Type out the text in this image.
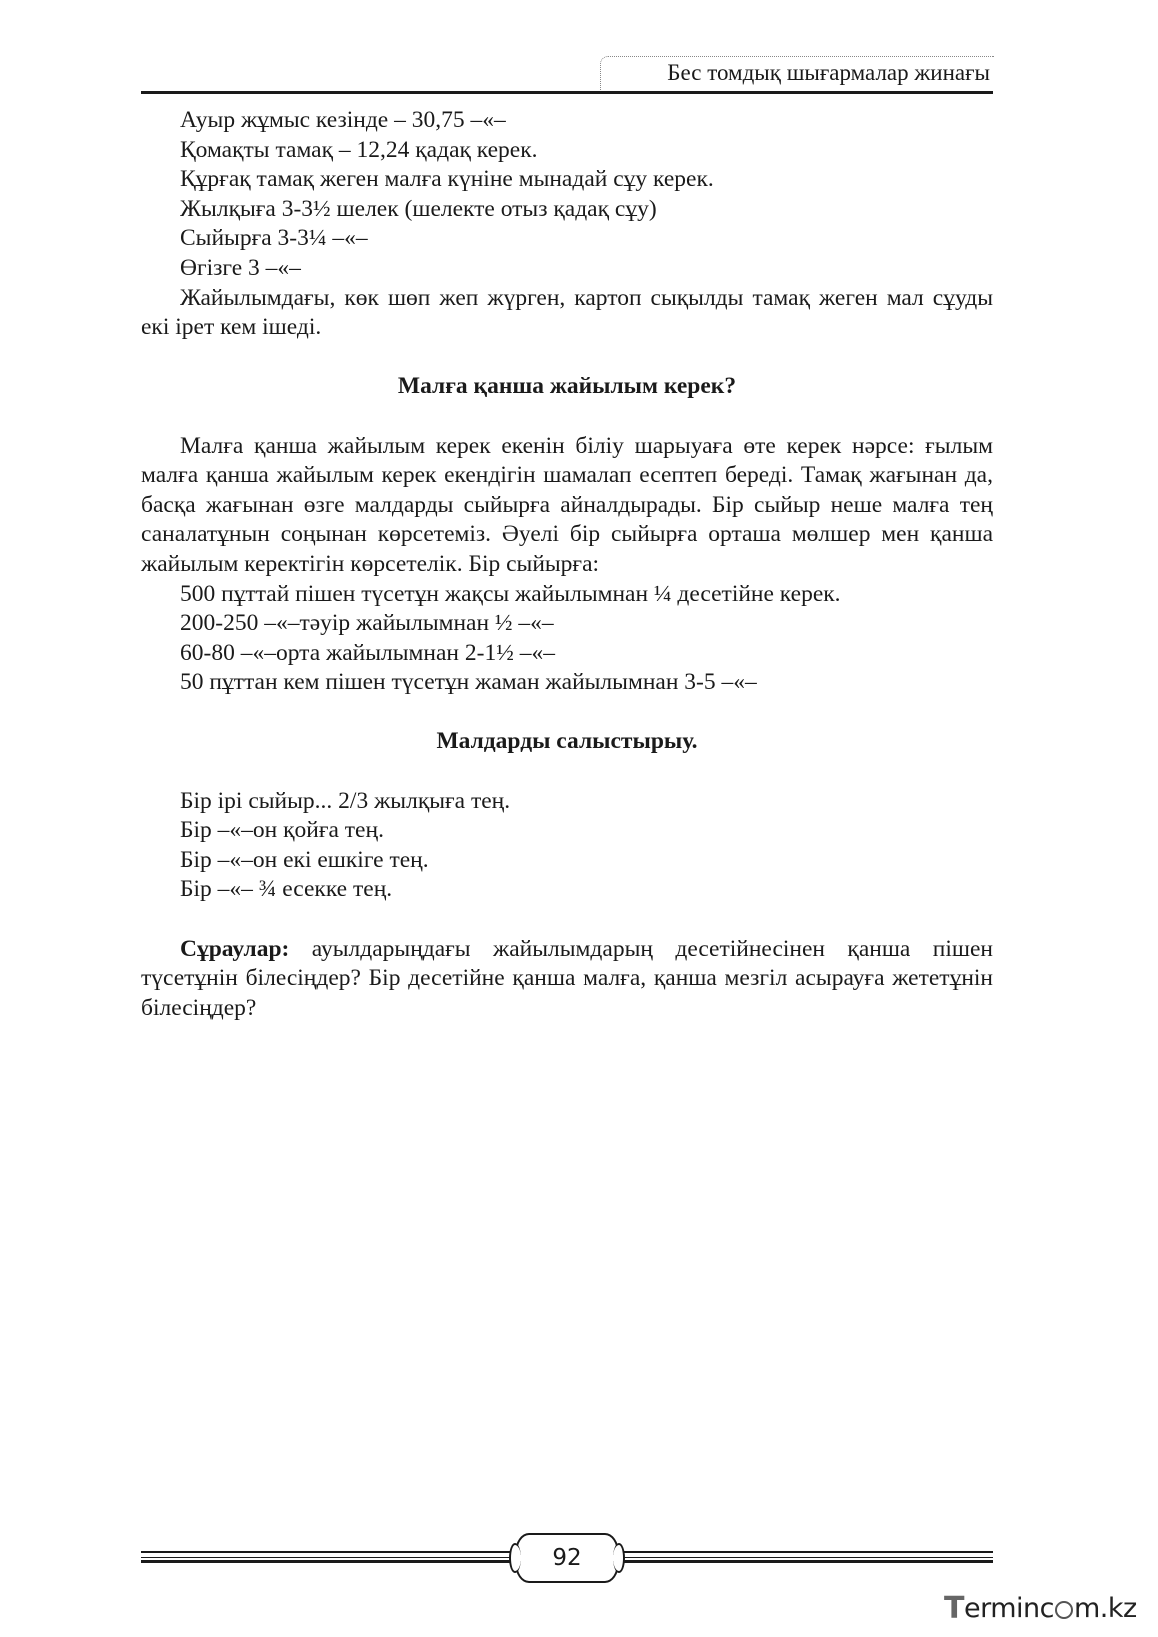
Бес томдық шығармалар жинағы

Ауыр жұмыс кезінде – 30,75 –«–

Қомақты тамақ – 12,24 қадақ керек.

Құрғақ тамақ жеген малға күніне мынадай сұу керек.

Жылқыға 3-3½ шелек (шелекте отыз қадақ сұу)

Сыйырға 3-3¼ –«–

Өгізге 3 –«–

Жайылымдағы, көк шөп жеп жүрген, картоп сықылды тамақ жеген мал сұуды екі ірет кем ішеді.

Малға қанша жайылым керек?

Малға қанша жайылым керек екенін білiу шарыуаға өте керек нәрсе: ғылым малға қанша жайылым керек екендігін шамалап есептеп береді. Тамақ жағынан да, басқа жағынан өзге малдарды сыйырға айналдырады. Бір сыйыр неше малға тең саналатұнын соңынан көрсетеміз. Әуелі бір сыйырға орташа мөлшер мен қанша жайылым керектігін көрсетелік. Бір сыйырға:

500 пұттай пішен түсетұн жақсы жайылымнан ¼ десетійне керек.

200-250 –«–тәуір жайылымнан ½ –«–

60-80 –«–орта жайылымнан 2-1½ –«–

50 пұттан кем пішен түсетұн жаман жайылымнан 3-5 –«–

Малдарды салыстырыу.

Бір ірі сыйыр... 2/3 жылқыға тең.

Бір –«–он қойға тең.

Бір –«–он екі ешкіге тең.

Бір –«– ¾ есекке тең.

Сұраулар: ауылдарыңдағы жайылымдарың десетійнесінен қанша пішен түсетұнін білесіңдер? Бір десетійне қанша малға, қанша мезгіл асырауға жететұнін білесіңдер?

92
T ermin c m.kz
